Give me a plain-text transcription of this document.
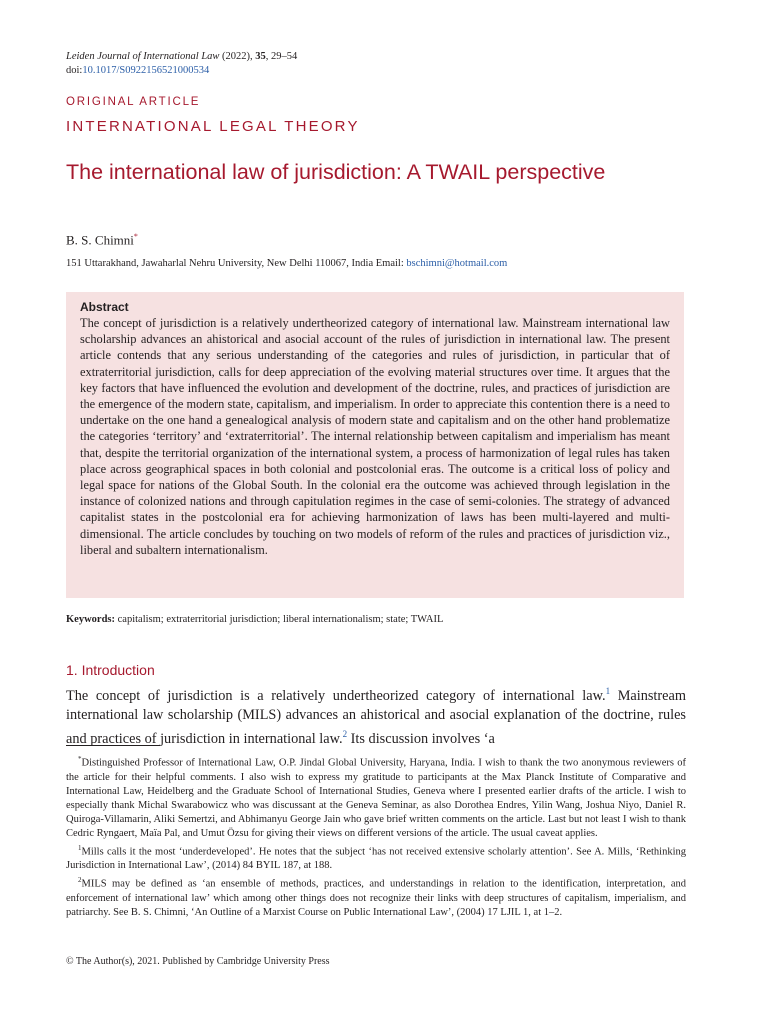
Leiden Journal of International Law (2022), 35, 29–54
doi:10.1017/S0922156521000534
ORIGINAL ARTICLE
INTERNATIONAL LEGAL THEORY
The international law of jurisdiction: A TWAIL perspective
B. S. Chimni*
151 Uttarakhand, Jawaharlal Nehru University, New Delhi 110067, India Email: bschimni@hotmail.com

Abstract

The concept of jurisdiction is a relatively undertheorized category of international law. Mainstream international law scholarship advances an ahistorical and asocial account of the rules of jurisdiction in international law. The present article contends that any serious understanding of the categories and rules of jurisdiction, in particular that of extraterritorial jurisdiction, calls for deep appreciation of the evolving material structures over time. It argues that the key factors that have influenced the evolution and development of the doctrine, rules, and practices of jurisdiction are the emergence of the modern state, capitalism, and imperialism. In order to appreciate this contention there is a need to undertake on the one hand a genealogical analysis of modern state and capitalism and on the other hand problematize the categories ‘territory’ and ‘extraterritorial’. The internal relationship between capitalism and imperialism has meant that, despite the territorial organization of the international system, a process of harmonization of legal rules has taken place across geographical spaces in both colonial and postcolonial eras. The outcome is a critical loss of policy and legal space for nations of the Global South. In the colonial era the outcome was achieved through legislation in the instance of colonized nations and through capitulation regimes in the case of semi-colonies. The strategy of advanced capitalist states in the postcolonial era for achieving harmonization of laws has been multi-layered and multi-dimensional. The article concludes by touching on two models of reform of the rules and practices of jurisdiction viz., liberal and subaltern internationalism.

Keywords: capitalism; extraterritorial jurisdiction; liberal internationalism; state; TWAIL
1. Introduction

The concept of jurisdiction is a relatively undertheorized category of international law.$^1$ Mainstream international law scholarship (MILS) advances an ahistorical and asocial explanation of the doctrine, rules and practices of jurisdiction in international law.$^2$ Its discussion involves ‘a

*Distinguished Professor of International Law, O.P. Jindal Global University, Haryana, India. I wish to thank the two anonymous reviewers of the article for their helpful comments. I also wish to express my gratitude to participants at the Max Planck Institute of Comparative and International Law, Heidelberg and the Graduate School of International Studies, Geneva where I presented earlier drafts of the article. I wish to especially thank Michal Swarabowicz who was discussant at the Geneva Seminar, as also Dorothea Endres, Yilin Wang, Joshua Niyo, Daniel R. Quiroga-Villamarin, Aliki Semertzi, and Abhimanyu George Jain who gave brief written comments on the article. Last but not least I wish to thank Cedric Ryngaert, Maïa Pal, and Umut Özsu for giving their views on different versions of the article. The usual caveat applies.

$^1$Mills calls it the most ‘underdeveloped’. He notes that the subject ‘has not received extensive scholarly attention’. See A. Mills, ‘Rethinking Jurisdiction in International Law’, (2014) 84 BYIL 187, at 188.

$^2$MILS may be defined as ‘an ensemble of methods, practices, and understandings in relation to the identification, interpretation, and enforcement of international law’ which among other things does not recognize their links with deep structures of capitalism, imperialism, and patriarchy. See B. S. Chimni, ‘An Outline of a Marxist Course on Public International Law’, (2004) 17 LJIL 1, at 1–2.

© The Author(s), 2021. Published by Cambridge University Press
